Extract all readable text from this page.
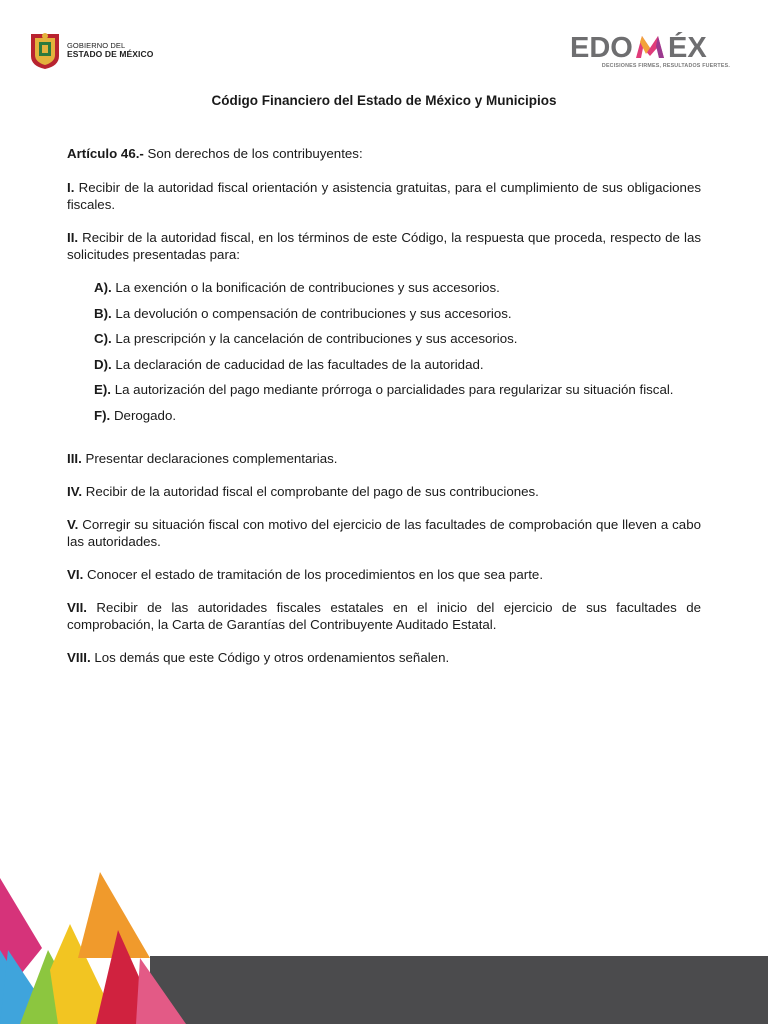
GOBIERNO DEL
ESTADO DE MÉXICO	EDO ÉX
DECISIONES FIRMES, RESULTADOS FUERTES.
Código Financiero del Estado de México y Municipios

Artículo 46.- Son derechos de los contribuyentes:

I. Recibir de la autoridad fiscal orientación y asistencia gratuitas, para el cumplimiento de sus obligaciones fiscales.

II. Recibir de la autoridad fiscal, en los términos de este Código, la respuesta que proceda, respecto de las solicitudes presentadas para:

A). La exención o la bonificación de contribuciones y sus accesorios.
B). La devolución o compensación de contribuciones y sus accesorios.
C). La prescripción y la cancelación de contribuciones y sus accesorios.
D). La declaración de caducidad de las facultades de la autoridad.
E). La autorización del pago mediante prórroga o parcialidades para regularizar su situación fiscal.
F). Derogado.

III. Presentar declaraciones complementarias.

IV. Recibir de la autoridad fiscal el comprobante del pago de sus contribuciones.

V. Corregir su situación fiscal con motivo del ejercicio de las facultades de comprobación que lleven a cabo las autoridades.

VI. Conocer el estado de tramitación de los procedimientos en los que sea parte.

VII. Recibir de las autoridades fiscales estatales en el inicio del ejercicio de sus facultades de comprobación, la Carta de Garantías del Contribuyente Auditado Estatal.

VIII. Los demás que este Código y otros ordenamientos señalen.
